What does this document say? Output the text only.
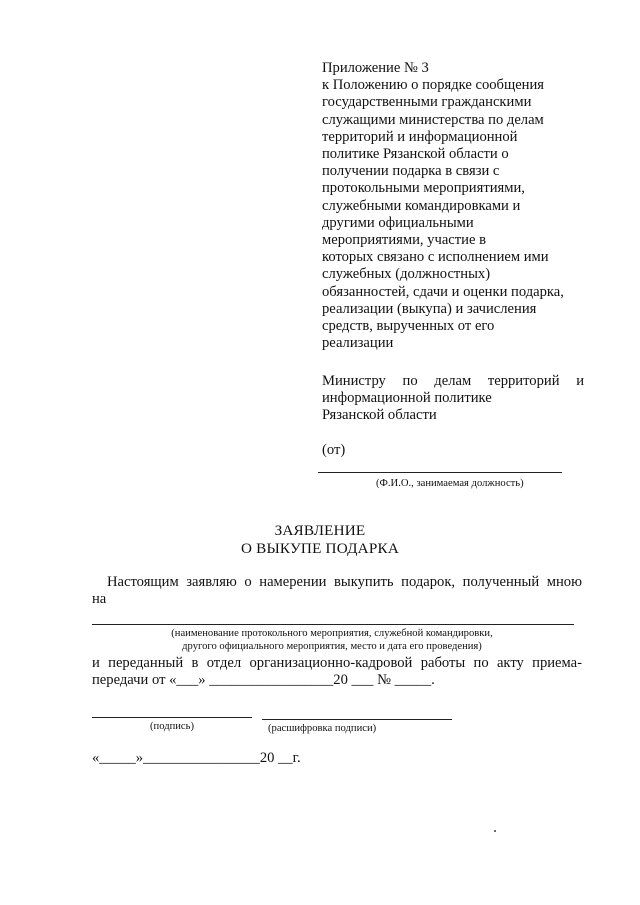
Приложение № 3
к Положению о порядке сообщения
государственными гражданскими
служащими министерства по делам
территорий и информационной
политике Рязанской области о
получении подарка в связи с
протокольными мероприятиями,
служебными командировками и
другими официальными
мероприятиями, участие в
которых связано с исполнением ими
служебных (должностных)
обязанностей, сдачи и оценки подарка,
реализации (выкупа) и зачисления
средств, вырученных от его
реализации
Министру по делам территорий и
информационной политике
Рязанской области
(от)
(Ф.И.О., занимаемая должность)
ЗАЯВЛЕНИЕ
О ВЫКУПЕ ПОДАРКА
Настоящим заявляю о намерении выкупить подарок, полученный мною
на
(наименование протокольного мероприятия, служебной командировки,
другого официального мероприятия, место и дата его проведения)
и переданный в отдел организационно-кадровой работы по акту приема-
передачи от «___» _________________20 ___ № _____.
(подпись)	(расшифровка подписи)
«_____»________________20 __г.
